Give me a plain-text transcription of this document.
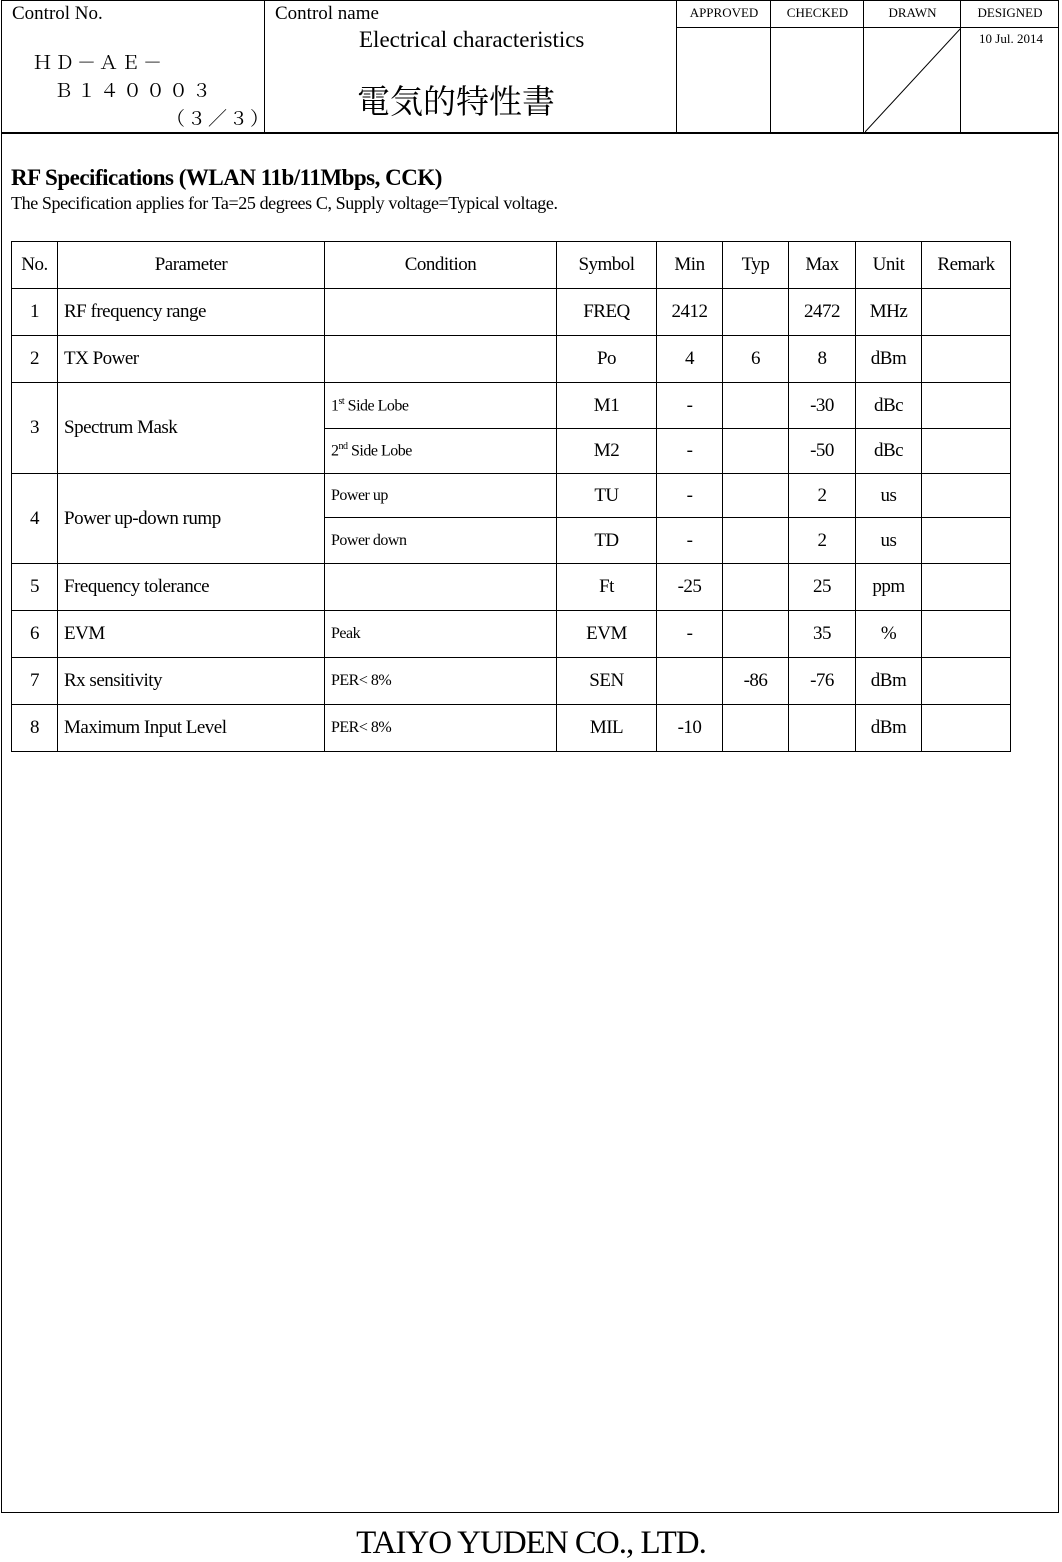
Control No.
ＨＤ－ＡＥ－
Ｂ１４０００３
（３／３）
Control name
Electrical characteristics
電気的特性書
APPROVED	CHECKED	DRAWN	DESIGNED
10 Jul. 2014
RF Specifications (WLAN 11b/11Mbps, CCK)
The Specification applies for Ta=25 degrees C, Supply voltage=Typical voltage.
No.	Parameter	Condition	Symbol	Min	Typ	Max	Unit	Remark
1	RF frequency range		FREQ	2412		2472	MHz	
2	TX Power		Po	4	6	8	dBm	
3	Spectrum Mask	1st Side Lobe	M1	-		-30	dBc	
		2nd Side Lobe	M2	-		-50	dBc	
4	Power up-down rump	Power up	TU	-		2	us	
		Power down	TD	-		2	us	
5	Frequency tolerance		Ft	-25		25	ppm	
6	EVM	Peak	EVM	-		35	%	
7	Rx sensitivity	PER< 8%	SEN		-86	-76	dBm	
8	Maximum Input Level	PER< 8%	MIL	-10			dBm	
TAIYO YUDEN CO., LTD.
